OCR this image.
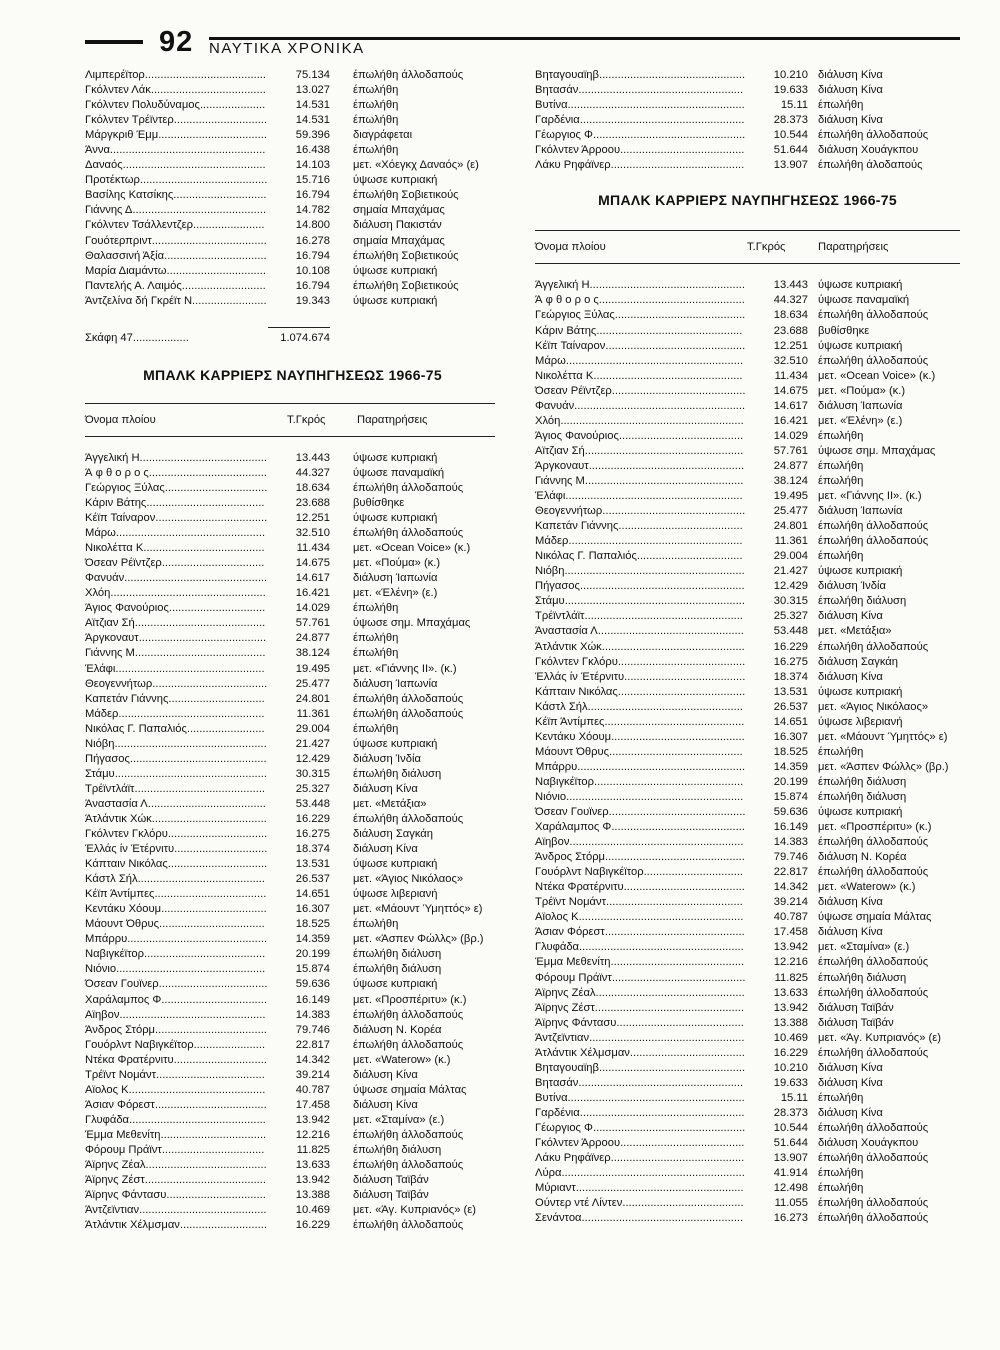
92 ΝΑΥΤΙΚΑ ΧΡΟΝΙΚΑ
Λιμπερέϊτορ.......................................	75.134 έπωλήθη άλλοδαπούς
Γκόλντεν Λάκ.....................................	13.027 έπωλήθη
Γκόλντεν Πολυδύναμος.....................	14.531 έπωλήθη
Γκόλντεν Τρέϊντερ..............................	14.531 έπωλήθη
Μάργκριθ Έμμ...................................	59.396 διαγράφεται
Άννα..................................................	16.438 έπωλήθη
Δαναός..............................................	14.103 μετ. «Χόεγκχ Δαναός» (ε)
Προτέκτωρ.........................................	15.716 ύψωσε κυπριακή
Βασίλης Κατσίκης..............................	16.794 έπωλήθη Σοβιετικούς
Γιάννης Δ...........................................	14.782 σημαία Μπαχάμας
Γκόλντεν Τσάλλεντζερ.......................	14.800 διάλυση Πακιστάν
Γουότερπριντ.....................................	16.278 σημαία Μπαχάμας
Θαλασσινή Άξία.................................	16.794 έπωλήθη Σοβιετικούς
Μαρία Διαμάντω................................	10.108 ύψωσε κυπριακή
Παντελής Α. Λαιμός...........................	16.794 έπωλήθη Σοβιετικούς
Άντζελίνα δή Γκρέϊτ Ν........................	19.343 ύψωσε κυπριακή
Σκάφη 47..................	1.074.674
ΜΠΑΛΚ ΚΑΡΡΙΕΡΣ ΝΑΥΠΗΓΗΣΕΩΣ 1966-75
Όνομα πλοίου	Τ.Γκρός	Παρατηρήσεις
Άγγελική Η.........................................	13.443 ύψωσε κυπριακή
Ά φ θ ο ρ ο ς......................................	44.327 ύψωσε παναμαϊκή
Γεώργιος Ξύλας.................................	18.634 έπωλήθη άλλοδαπούς
Κάριν Βάτης......................................	23.688 βυθίσθηκε
Κέϊπ Ταίναρον....................................	12.251 ύψωσε κυπριακή
Μάρω................................................	32.510 έπωλήθη άλλοδαπούς
Νικολέττα Κ.......................................	11.434 μετ. «Ocean Voice» (κ.)
Όσεαν Ρέϊντζερ.................................	14.675 μετ. «Πούμα» (κ.)
Φανυάν..............................................	14.617 διάλυση Ίαπωνία
Χλόη..................................................	16.421 μετ. «Έλένη» (ε.)
Άγιος Φανούριος...............................	14.029 έπωλήθη
Αϊτζιαν Σή..........................................	57.761 ύψωσε σημ. Μπαχάμας
Άργκοναυτ.........................................	24.877 έπωλήθη
Γιάννης Μ..........................................	38.124 έπωλήθη
Έλάφι................................................	19.495 μετ. «Γιάννης ΙΙ». (κ.)
Θεογεννήτωρ.....................................	25.477 διάλυση Ίαπωνία
Καπετάν Γιάννης...............................	24.801 έπωλήθη άλλοδαπούς
Μάδερ...............................................	11.361 έπωλήθη άλλοδαπούς
Νικόλας Γ. Παπαλιός.........................	29.004 έπωλήθη
Νιόβη.................................................	21.427 ύψωσε κυπριακή
Πήγασος............................................	12.429 διάλυση Ίνδία
Στάμυ.................................................	30.315 έπωλήθη διάλυση
Τρέϊντλάϊτ..........................................	25.327 διάλυση Κίνα
Άναστασία Λ......................................	53.448 μετ. «Μετάξια»
Άτλάντικ Χώκ.....................................	16.229 έπωλήθη άλλοδαπούς
Γκόλντεν Γκλόρυ................................	16.275 διάλυση Σαγκάη
Έλλάς ίν Έτέρνιτυ..............................	18.374 διάλυση Κίνα
Κάπταιν Νικόλας................................	13.531 ύψωσε κυπριακή
Κάστλ Σήλ.........................................	26.537 μετ. «Άγιος Νικόλαος»
Κέϊπ Άντίμπες....................................	14.651 ύψωσε λιβεριανή
Κεντάκυ Χόουμ..................................	16.307 μετ. «Μάουντ Ύμηττός» ε)
Μάουντ Όθρυς..................................	18.525 έπωλήθη
Μπάρρυ.............................................	14.359 μετ. «Άσπεν Φώλλς» (βρ.)
Ναβιγκέϊτορ.......................................	20.199 έπωλήθη διάλυση
Νιόνιο................................................	15.874 έπωλήθη διάλυση
Όσεαν Γουϊνερ...................................	59.636 ύψωσε κυπριακή
Χαράλαμπος Φ..................................	16.149 μετ. «Προσπέριτυ» (κ.)
Αϊηβον...............................................	14.383 έπωλήθη άλλοδαπούς
Άνδρος Στόρμ....................................	79.746 διάλυση Ν. Κορέα
Γουόρλντ Ναβιγκέϊτορ.......................	22.817 έπωλήθη άλλοδαπούς
Ντέκα Φρατέρνιτυ..............................	14.342 μετ. «Waterow» (κ.)
Τρέϊντ Νομάντ...................................	39.214 διάλυση Κίνα
Αϊολος Κ............................................	40.787 ύψωσε σημαία Μάλτας
Άσιαν Φόρεστ....................................	17.458 διάλυση Κίνα
Γλυφάδα............................................	13.942 μετ. «Σταμίνα» (ε.)
Έμμα Μεθενίτη..................................	12.216 έπωλήθη άλλοδαπούς
Φόρουμ Πράϊντ.................................	11.825 έπωλήθη διάλυση
Άϊρηνς Ζέαλ.......................................	13.633 έπωλήθη άλλοδαπούς
Άϊρηνς Ζέστ.......................................	13.942 διάλυση Ταϊβάν
Άϊρηνς Φάντασυ................................	13.388 διάλυση Ταϊβάν
Άντζεϊντιαν.........................................	10.469 μετ. «Άγ. Κυπριανός» (ε)
Άτλάντικ Χέλμσμαν............................	16.229 έπωλήθη άλλοδαπούς
Βηταγουαϊηβ...............................................	10.210 διάλυση Κίνα
Βητασάν.....................................................	19.633 διάλυση Κίνα
Βυτίνα.........................................................	15.11 έπωλήθη
Γαρδένια.....................................................	28.373 διάλυση Κίνα
Γέωργιος Φ.................................................	10.544 έπωλήθη άλλοδαπούς
Γκόλντεν Άρροου........................................	51.644 διάλυση Χουάγκπου
Λάκυ Ρηφάϊνερ...........................................	13.907 έπωλήθη άλοδαπούς
ΜΠΑΛΚ ΚΑΡΡΙΕΡΣ ΝΑΥΠΗΓΗΣΕΩΣ 1966-75
Όνομα πλοίου	Τ.Γκρός	Παρατηρήσεις
Άγγελική Η..................................................	13.443 ύψωσε κυπριακή
Ά φ θ ο ρ ο ς...............................................	44.327 ύψωσε παναμαϊκή
Γεώργιος Ξύλας..........................................	18.634 έπωλήθη άλλοδαπούς
Κάριν Βάτης...............................................	23.688 βυθίσθηκε
Κέϊπ Ταίναρον.............................................	12.251 ύψωσε κυπριακή
Μάρω.........................................................	32.510 έπωλήθη άλλοδαπούς
Νικολέττα Κ................................................	11.434 μετ. «Ocean Voice» (κ.)
Όσεαν Ρέϊντζερ...........................................	14.675 μετ. «Πούμα» (κ.)
Φανυάν.......................................................	14.617 διάλυση Ίαπωνία
Χλόη...........................................................	16.421 μετ. «Έλένη» (ε.)
Άγιος Φανούριος........................................	14.029 έπωλήθη
Αϊτζιαν Σή...................................................	57.761 ύψωσε σημ. Μπαχάμας
Άργκοναυτ..................................................	24.877 έπωλήθη
Γιάννης Μ...................................................	38.124 έπωλήθη
Έλάφι.........................................................	19.495 μετ. «Γιάννης ΙΙ». (κ.)
Θεογεννήτωρ..............................................	25.477 διάλυση Ίαπωνία
Καπετάν Γιάννης........................................	24.801 έπωλήθη άλλοδαπούς
Μάδερ........................................................	11.361 έπωλήθη άλλοδαπούς
Νικόλας Γ. Παπαλιός..................................	29.004 έπωλήθη
Νιόβη..........................................................	21.427 ύψωσε κυπριακή
Πήγασος.....................................................	12.429 διάλυση Ίνδία
Στάμυ..........................................................	30.315 έπωλήθη διάλυση
Τρέϊντλάϊτ...................................................	25.327 διάλυση Κίνα
Άναστασία Λ...............................................	53.448 μετ. «Μετάξια»
Άτλάντικ Χώκ..............................................	16.229 έπωλήθη άλλοδαπούς
Γκόλντεν Γκλόρυ.........................................	16.275 διάλυση Σαγκάη
Έλλάς ίν Έτέρνιτυ.......................................	18.374 διάλυση Κίνα
Κάπταιν Νικόλας.........................................	13.531 ύψωσε κυπριακή
Κάστλ Σήλ..................................................	26.537 μετ. «Άγιος Νικόλαος»
Κέϊπ Άντίμπες.............................................	14.651 ύψωσε λιβεριανή
Κεντάκυ Χόουμ...........................................	16.307 μετ. «Μάουντ Ύμηττός» ε)
Μάουντ Όθρυς...........................................	18.525 έπωλήθη
Μπάρρυ......................................................	14.359 μετ. «Άσπεν Φώλλς» (βρ.)
Ναβιγκέϊτορ................................................	20.199 έπωλήθη διάλυση
Νιόνιο.........................................................	15.874 έπωλήθη διάλυση
Όσεαν Γουϊνερ............................................	59.636 ύψωσε κυπριακή
Χαράλαμπος Φ...........................................	16.149 μετ. «Προσπέριτυ» (κ.)
Αϊηβον........................................................	14.383 έπωλήθη άλλοδαπούς
Άνδρος Στόρμ.............................................	79.746 διάλυση Ν. Κορέα
Γουόρλντ Ναβιγκέϊτορ................................	22.817 έπωλήθη άλλοδαπούς
Ντέκα Φρατέρνιτυ.......................................	14.342 μετ. «Waterow» (κ.)
Τρέϊντ Νομάντ............................................	39.214 διάλυση Κίνα
Αϊολος Κ.....................................................	40.787 ύψωσε σημαία Μάλτας
Άσιαν Φόρεστ.............................................	17.458 διάλυση Κίνα
Γλυφάδα.....................................................	13.942 μετ. «Σταμίνα» (ε.)
Έμμα Μεθενίτη...........................................	12.216 έπωλήθη άλλοδαπούς
Φόρουμ Πράϊντ...........................................	11.825 έπωλήθη διάλυση
Άϊρηνς Ζέαλ................................................	13.633 έπωλήθη άλλοδαπούς
Άϊρηνς Ζέστ................................................	13.942 διάλυση Ταϊβάν
Άϊρηνς Φάντασυ.........................................	13.388 διάλυση Ταϊβάν
Άντζεϊντιαν..................................................	10.469 μετ. «Άγ. Κυπριανός» (ε)
Άτλάντικ Χέλμσμαν.....................................	16.229 έπωλήθη άλλοδαπούς
Βηταγουαϊηβ...............................................	10.210 διάλυση Κίνα
Βητασάν.....................................................	19.633 διάλυση Κίνα
Βυτίνα.........................................................	15.11 έπωλήθη
Γαρδένια.....................................................	28.373 διάλυση Κίνα
Γέωργιος Φ.................................................	10.544 έπωλήθη άλλοδαπούς
Γκόλντεν Άρροου........................................	51.644 διάλυση Χουάγκπου
Λάκυ Ρηφάϊνερ...........................................	13.907 έπωλήθη άλλοδαπούς
Λύρα...........................................................	41.914 έπωλήθη
Μύριαντ......................................................	12.498 έπωλήθη
Ούντερ ντέ Λίντεν.......................................	11.055 έπωλήθη άλλοδαπούς
Σενάντοα....................................................	16.273 έπωλήθη άλλοδαπούς
